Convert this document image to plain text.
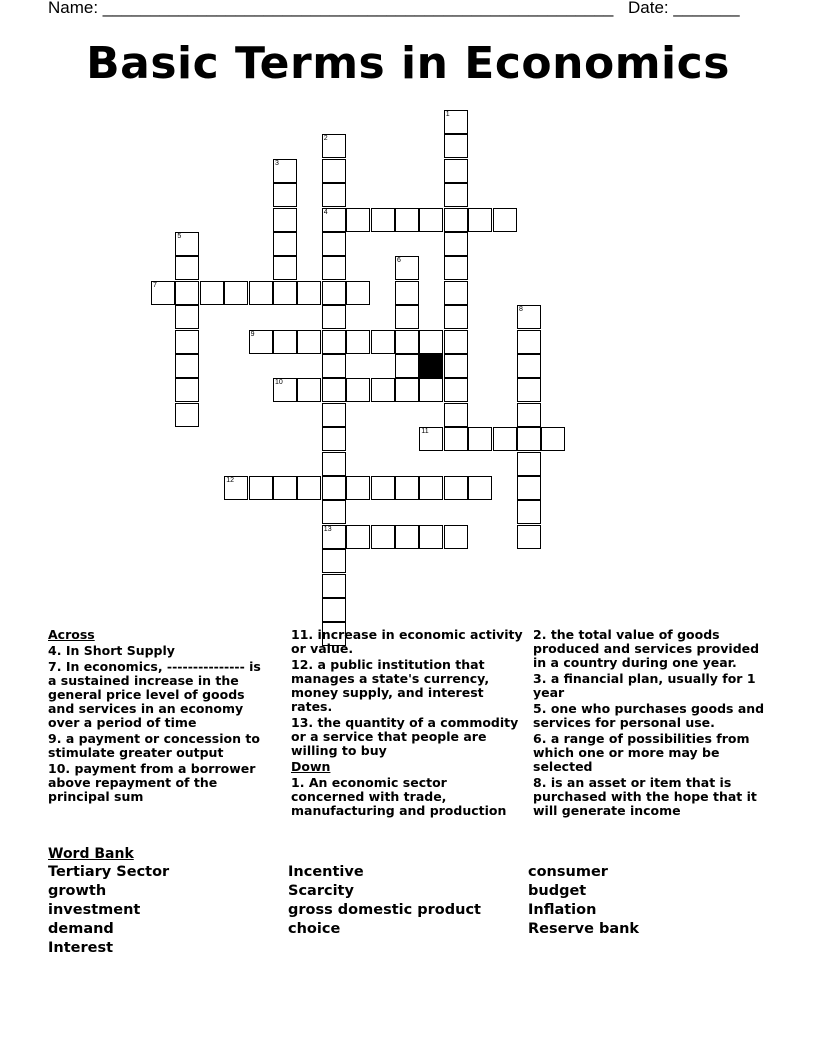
Name: ______________________________________________________ Date: _______
Basic Terms in Economics
1
2
4
13
3
5
6
7
8
9
10
11
12
Across
4. In Short Supply
7. In economics, --------------- is a sustained increase in the general price level of goods and services in an economy over a period of time
9. a payment or concession to stimulate greater output
10. payment from a borrower above repayment of the principal sum
11. increase in economic activity or value.
12. a public institution that manages a state's currency, money supply, and interest rates.
13. the quantity of a commodity or a service that people are willing to buy
Down
1. An economic sector concerned with trade, manufacturing and production
2. the total value of goods produced and services provided in a country during one year.
3. a financial plan, usually for 1 year
5. one who purchases goods and services for personal use.
6. a range of possibilities from which one or more may be selected
8. is an asset or item that is purchased with the hope that it will generate income
Word Bank
Tertiary Sector
growth
investment
demand
Interest
Incentive
Scarcity
gross domestic product
choice
consumer
budget
Inflation
Reserve bank
